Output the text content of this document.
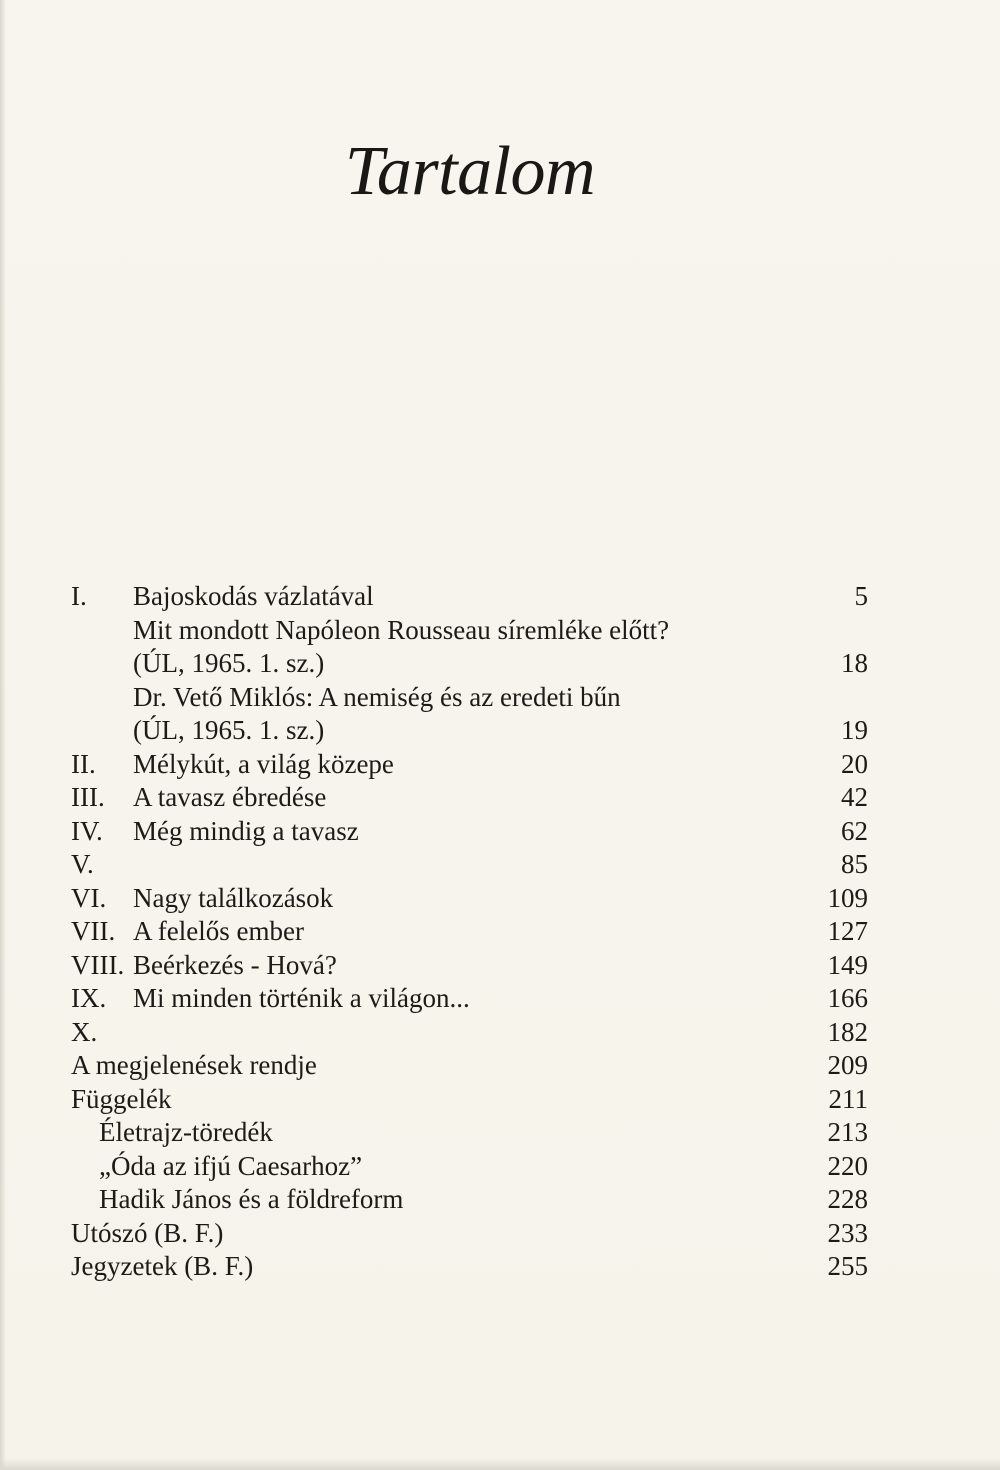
Tartalom
I. Bajoskodás vázlatával	5
Mit mondott Napóleon Rousseau síremléke előtt?
(ÚL, 1965. 1. sz.)	18
Dr. Vető Miklós: A nemiség és az eredeti bűn
(ÚL, 1965. 1. sz.)	19
II. Mélykút, a világ közepe	20
III. A tavasz ébredése	42
IV. Még mindig a tavasz	62
V.	85
VI. Nagy találkozások	109
VII. A felelős ember	127
VIII. Beérkezés - Hová?	149
IX. Mi minden történik a világon...	166
X.	182
A megjelenések rendje	209
Függelék	211
Életrajz-töredék	213
„Óda az ifjú Caesarhoz”	220
Hadik János és a földreform	228
Utószó (B. F.)	233
Jegyzetek (B. F.)	255
